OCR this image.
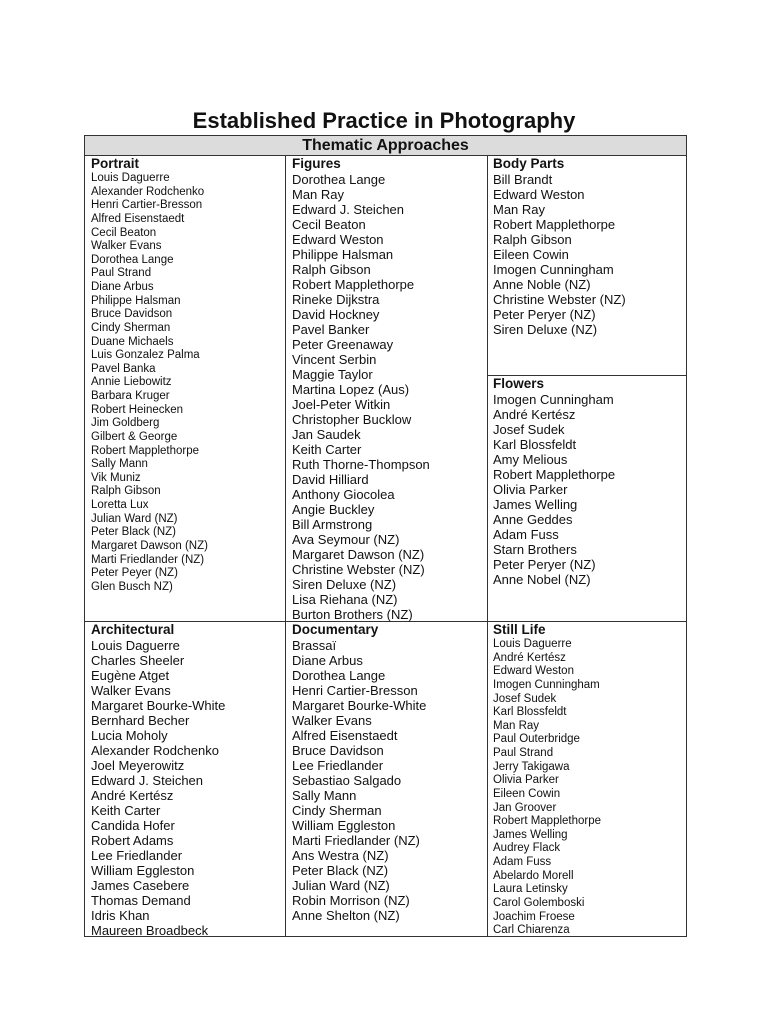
Established Practice in Photography
Thematic Approaches
Portrait
Louis Daguerre
Alexander Rodchenko
Henri Cartier-Bresson
Alfred Eisenstaedt
Cecil Beaton
Walker Evans
Dorothea Lange
Paul Strand
Diane Arbus
Philippe Halsman
Bruce Davidson
Cindy Sherman
Duane Michaels
Luis Gonzalez Palma
Pavel Banka
Annie Liebowitz
Barbara Kruger
Robert Heinecken
Jim Goldberg
Gilbert & George
Robert Mapplethorpe
Sally Mann
Vik Muniz
Ralph Gibson
Loretta Lux
Julian Ward (NZ)
Peter Black (NZ)
Margaret Dawson (NZ)
Marti Friedlander (NZ)
Peter Peyer (NZ)
Glen Busch NZ)
Figures
Dorothea Lange
Man Ray
Edward J. Steichen
Cecil Beaton
Edward Weston
Philippe Halsman
Ralph Gibson
Robert Mapplethorpe
Rineke Dijkstra
David Hockney
Pavel Banker
Peter Greenaway
Vincent Serbin
Maggie Taylor
Martina Lopez (Aus)
Joel-Peter Witkin
Christopher Bucklow
Jan Saudek
Keith Carter
Ruth Thorne-Thompson
David Hilliard
Anthony Giocolea
Angie Buckley
Bill Armstrong
Ava Seymour (NZ)
Margaret Dawson (NZ)
Christine Webster (NZ)
Siren Deluxe (NZ)
Lisa Riehana (NZ)
Burton Brothers (NZ)
Body Parts
Bill Brandt
Edward Weston
Man Ray
Robert Mapplethorpe
Ralph Gibson
Eileen Cowin
Imogen Cunningham
Anne Noble (NZ)
Christine Webster (NZ)
Peter Peryer (NZ)
Siren Deluxe (NZ)
Flowers
Imogen Cunningham
André Kertész
Josef Sudek
Karl Blossfeldt
Amy Melious
Robert Mapplethorpe
Olivia Parker
James Welling
Anne Geddes
Adam Fuss
Starn Brothers
Peter Peryer (NZ)
Anne Nobel (NZ)
Architectural
Louis Daguerre
Charles Sheeler
Eugène Atget
Walker Evans
Margaret Bourke-White
Bernhard Becher
Lucia Moholy
Alexander Rodchenko
Joel Meyerowitz
Edward J. Steichen
André Kertész
Keith Carter
Candida Hofer
Robert Adams
Lee Friedlander
William Eggleston
James Casebere
Thomas Demand
Idris Khan
Maureen Broadbeck
Documentary
Brassaï
Diane Arbus
Dorothea Lange
Henri Cartier-Bresson
Margaret Bourke-White
Walker Evans
Alfred Eisenstaedt
Bruce Davidson
Lee Friedlander
Sebastiao Salgado
Sally Mann
Cindy Sherman
William Eggleston
Marti Friedlander (NZ)
Ans Westra (NZ)
Peter Black (NZ)
Julian Ward (NZ)
Robin Morrison (NZ)
Anne Shelton (NZ)
Still Life
Louis Daguerre
André Kertész
Edward Weston
Imogen Cunningham
Josef Sudek
Karl Blossfeldt
Man Ray
Paul Outerbridge
Paul Strand
Jerry Takigawa
Olivia Parker
Eileen Cowin
Jan Groover
Robert Mapplethorpe
James Welling
Audrey Flack
Adam Fuss
Abelardo Morell
Laura Letinsky
Carol Golemboski
Joachim Froese
Carl Chiarenza
